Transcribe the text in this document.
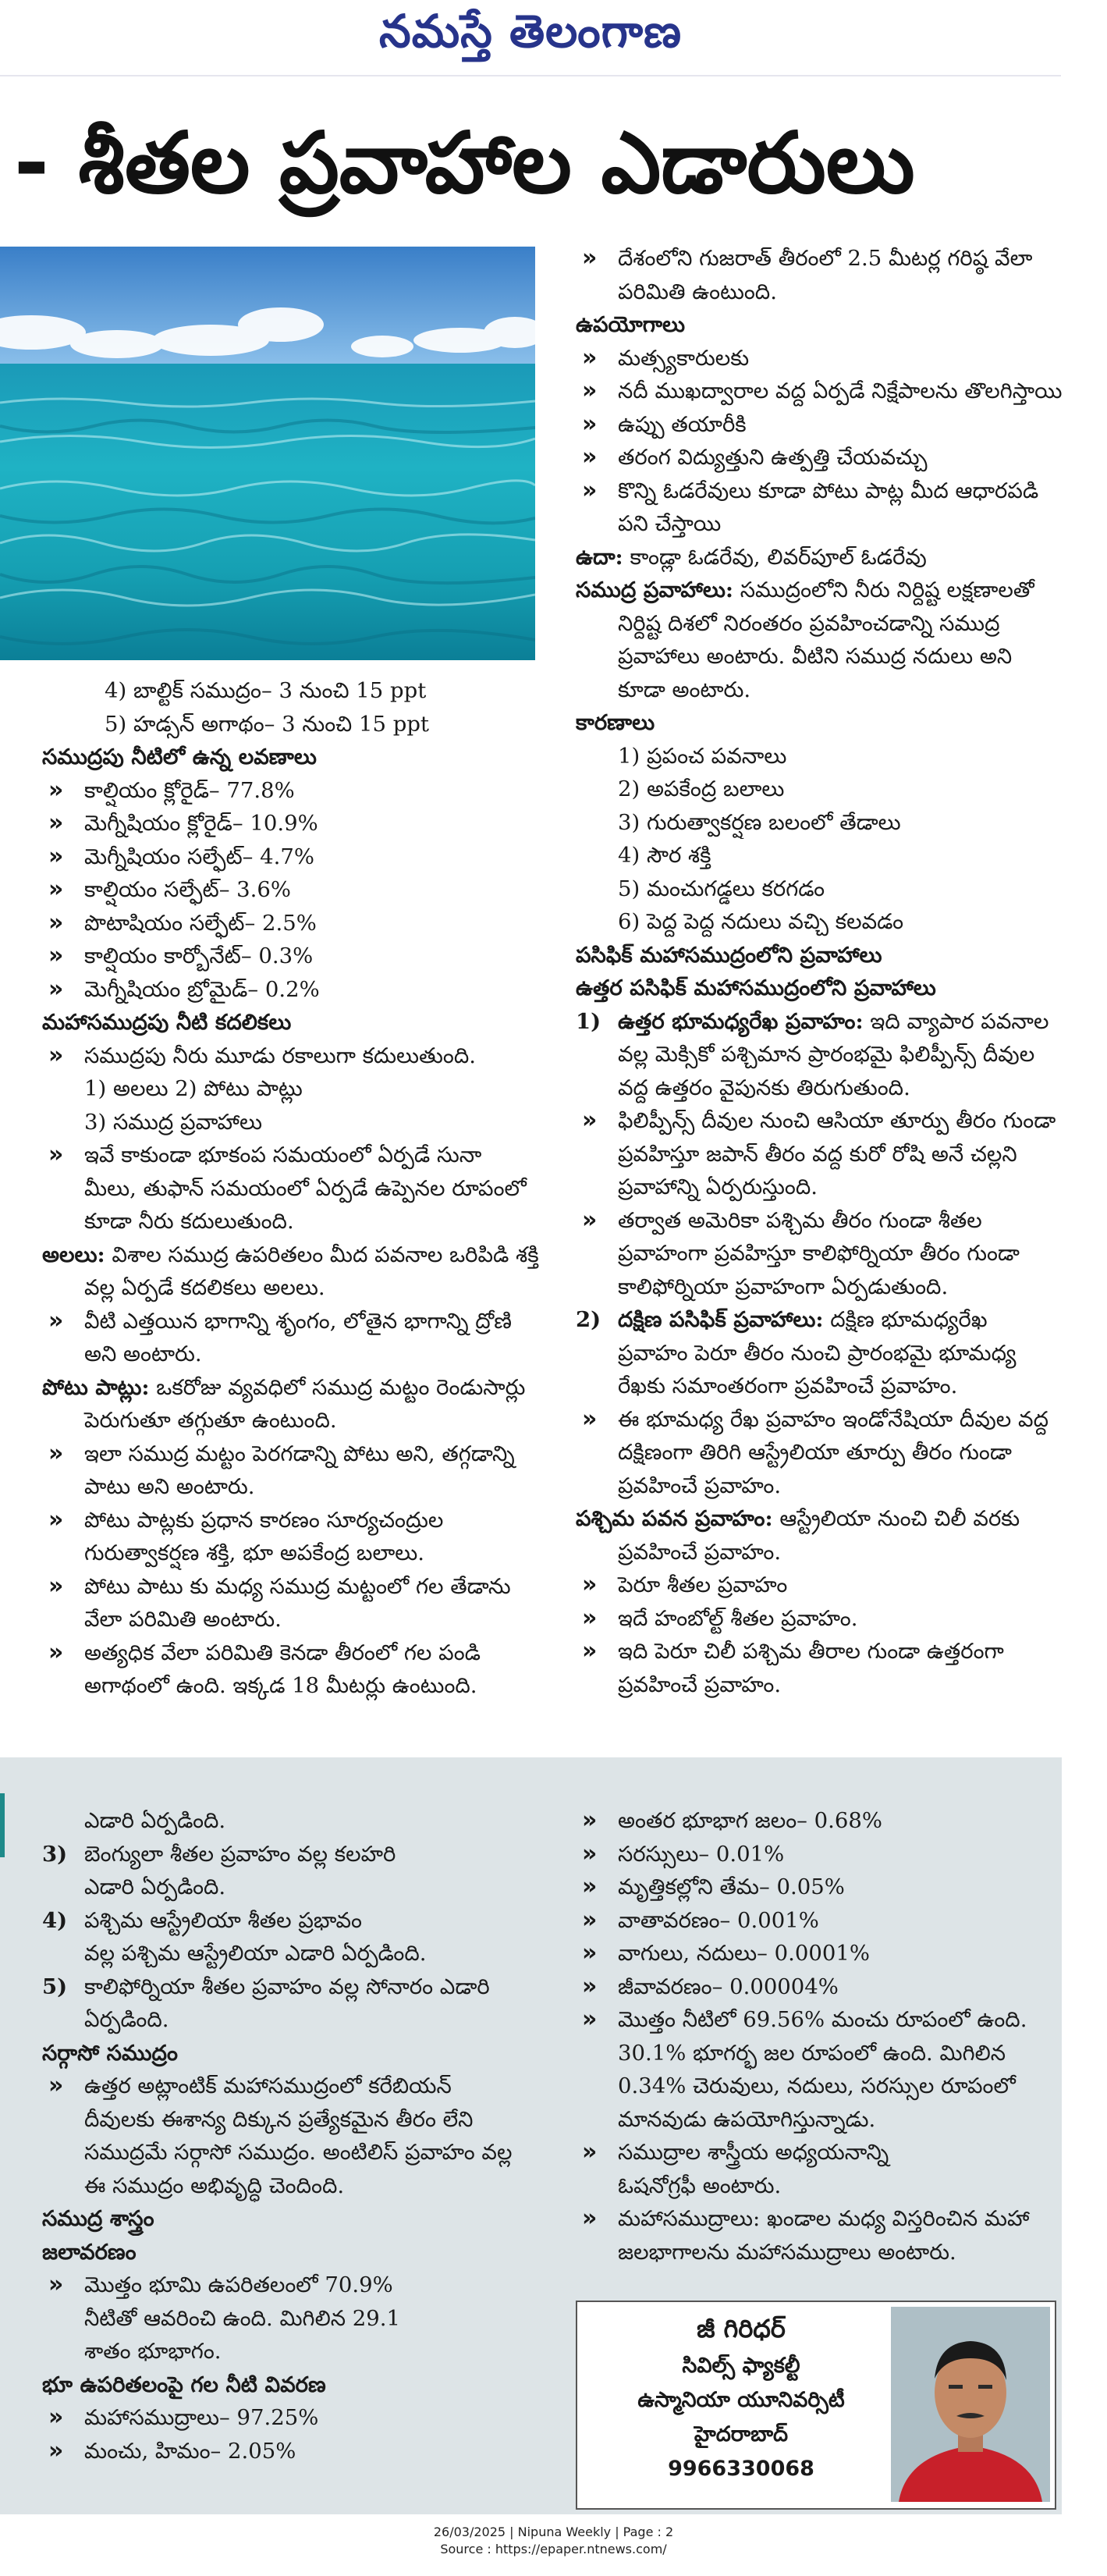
నమస్తే తెలంగాణ
- శీతల ప్రవాహాల ఎడారులు
4) బాల్టిక్ సముద్రం– 3 నుంచి 15 ppt
5) హడ్సన్ అగాథం– 3 నుంచి 15 ppt
సముద్రపు నీటిలో ఉన్న లవణాలు
» కాల్షియం క్లోరైడ్– 77.8%
» మెగ్నీషియం క్లోరైడ్– 10.9%
» మెగ్నీషియం సల్ఫేట్– 4.7%
» కాల్షియం సల్ఫేట్– 3.6%
» పొటాషియం సల్ఫేట్– 2.5%
» కాల్షియం కార్బోనేట్– 0.3%
» మెగ్నీషియం బ్రోమైడ్– 0.2%
మహాసముద్రపు నీటి కదలికలు
» సముద్రపు నీరు మూడు రకాలుగా కదులుతుంది.
1) అలలు 2) పోటు పాట్లు
3) సముద్ర ప్రవాహాలు
» ఇవే కాకుండా భూకంప సమయంలో ఏర్పడే సునా
మీలు, తుఫాన్ సమయంలో ఏర్పడే ఉప్పెనల రూపంలో
కూడా నీరు కదులుతుంది.
అలలు: విశాల సముద్ర ఉపరితలం మీద పవనాల ఒరిపిడి శక్తి
వల్ల ఏర్పడే కదలికలు అలలు.
» వీటి ఎత్తయిన భాగాన్ని శృంగం, లోతైన భాగాన్ని ద్రోణి
అని అంటారు.
పోటు పాట్లు: ఒకరోజు వ్యవధిలో సముద్ర మట్టం రెండుసార్లు
పెరుగుతూ తగ్గుతూ ఉంటుంది.
» ఇలా సముద్ర మట్టం పెరగడాన్ని పోటు అని, తగ్గడాన్ని
పాటు అని అంటారు.
» పోటు పాట్లకు ప్రధాన కారణం సూర్యచంద్రుల
గురుత్వాకర్షణ శక్తి, భూ అపకేంద్ర బలాలు.
» పోటు పాటు కు మధ్య సముద్ర మట్టంలో గల తేడాను
వేలా పరిమితి అంటారు.
» అత్యధిక వేలా పరిమితి కెనడా తీరంలో గల పండి
అగాథంలో ఉంది. ఇక్కడ 18 మీటర్లు ఉంటుంది.
» దేశంలోని గుజరాత్ తీరంలో 2.5 మీటర్ల గరిష్ఠ వేలా
పరిమితి ఉంటుంది.
ఉపయోగాలు
» మత్స్యకారులకు
» నదీ ముఖద్వారాల వద్ద ఏర్పడే నిక్షేపాలను తొలగిస్తాయి
» ఉప్పు తయారీకి
» తరంగ విద్యుత్తుని ఉత్పత్తి చేయవచ్చు
» కొన్ని ఓడరేవులు కూడా పోటు పాట్ల మీద ఆధారపడి
పని చేస్తాయి
ఉదా: కాండ్లా ఓడరేవు, లివర్‌పూల్ ఓడరేవు
సముద్ర ప్రవాహాలు: సముద్రంలోని నీరు నిర్దిష్ట లక్షణాలతో
నిర్దిష్ట దిశలో నిరంతరం ప్రవహించడాన్ని సముద్ర
ప్రవాహాలు అంటారు. వీటిని సముద్ర నదులు అని
కూడా అంటారు.
కారణాలు
1) ప్రపంచ పవనాలు
2) అపకేంద్ర బలాలు
3) గురుత్వాకర్షణ బలంలో తేడాలు
4) సౌర శక్తి
5) మంచుగడ్డలు కరగడం
6) పెద్ద పెద్ద నదులు వచ్చి కలవడం
పసిఫిక్ మహాసముద్రంలోని ప్రవాహాలు
ఉత్తర పసిఫిక్ మహాసముద్రంలోని ప్రవాహాలు
1) ఉత్తర భూమధ్యరేఖ ప్రవాహం: ఇది వ్యాపార పవనాల
వల్ల మెక్సికో పశ్చిమాన ప్రారంభమై ఫిలిప్పీన్స్ దీవుల
వద్ద ఉత్తరం వైపునకు తిరుగుతుంది.
» ఫిలిప్పీన్స్ దీవుల నుంచి ఆసియా తూర్పు తీరం గుండా
ప్రవహిస్తూ జపాన్ తీరం వద్ద కురో రోషి అనే చల్లని
ప్రవాహాన్ని ఏర్పరుస్తుంది.
» తర్వాత అమెరికా పశ్చిమ తీరం గుండా శీతల
ప్రవాహంగా ప్రవహిస్తూ కాలిఫోర్నియా తీరం గుండా
కాలిఫోర్నియా ప్రవాహంగా ఏర్పడుతుంది.
2) దక్షిణ పసిఫిక్ ప్రవాహాలు: దక్షిణ భూమధ్యరేఖ
ప్రవాహం పెరూ తీరం నుంచి ప్రారంభమై భూమధ్య
రేఖకు సమాంతరంగా ప్రవహించే ప్రవాహం.
» ఈ భూమధ్య రేఖ ప్రవాహం ఇండోనేషియా దీవుల వద్ద
దక్షిణంగా తిరిగి ఆస్ట్రేలియా తూర్పు తీరం గుండా
ప్రవహించే ప్రవాహం.
పశ్చిమ పవన ప్రవాహం: ఆస్ట్రేలియా నుంచి చిలీ వరకు
ప్రవహించే ప్రవాహం.
» పెరూ శీతల ప్రవాహం
» ఇదే హంబోల్ట్ శీతల ప్రవాహం.
» ఇది పెరూ చిలీ పశ్చిమ తీరాల గుండా ఉత్తరంగా
ప్రవహించే ప్రవాహం.
ఎడారి ఏర్పడింది.
3) బెంగ్యులా శీతల ప్రవాహం వల్ల కలహరి
ఎడారి ఏర్పడింది.
4) పశ్చిమ ఆస్ట్రేలియా శీతల ప్రభావం
వల్ల పశ్చిమ ఆస్ట్రేలియా ఎడారి ఏర్పడింది.
5) కాలిఫోర్నియా శీతల ప్రవాహం వల్ల సోనారం ఎడారి
ఏర్పడింది.
సర్గాసో సముద్రం
» ఉత్తర అట్లాంటిక్ మహాసముద్రంలో కరేబియన్
దీవులకు ఈశాన్య దిక్కున ప్రత్యేకమైన తీరం లేని
సముద్రమే సర్గాసో సముద్రం. అంటిలిస్ ప్రవాహం వల్ల
ఈ సముద్రం అభివృద్ధి చెందింది.
సముద్ర శాస్త్రం
జలావరణం
» మొత్తం భూమి ఉపరితలంలో 70.9%
నీటితో ఆవరించి ఉంది. మిగిలిన 29.1
శాతం భూభాగం.
భూ ఉపరితలంపై గల నీటి వివరణ
» మహాసముద్రాలు– 97.25%
» మంచు, హిమం– 2.05%
» అంతర భూభాగ జలం– 0.68%
» సరస్సులు– 0.01%
» మృత్తికల్లోని తేమ– 0.05%
» వాతావరణం– 0.001%
» వాగులు, నదులు– 0.0001%
» జీవావరణం– 0.00004%
» మొత్తం నీటిలో 69.56% మంచు రూపంలో ఉంది.
30.1% భూగర్భ జల రూపంలో ఉంది. మిగిలిన
0.34% చెరువులు, నదులు, సరస్సుల రూపంలో
మానవుడు ఉపయోగిస్తున్నాడు.
» సముద్రాల శాస్త్రీయ అధ్యయనాన్ని
ఓషనోగ్రఫీ అంటారు.
» మహాసముద్రాలు: ఖండాల మధ్య విస్తరించిన మహా
జలభాగాలను మహాసముద్రాలు అంటారు.
జీ గిరిధర్
సివిల్స్ ఫ్యాకల్టీ
ఉస్మానియా యూనివర్సిటీ
హైదరాబాద్
9966330068
26/03/2025 | Nipuna Weekly | Page : 2
Source : https://epaper.ntnews.com/
